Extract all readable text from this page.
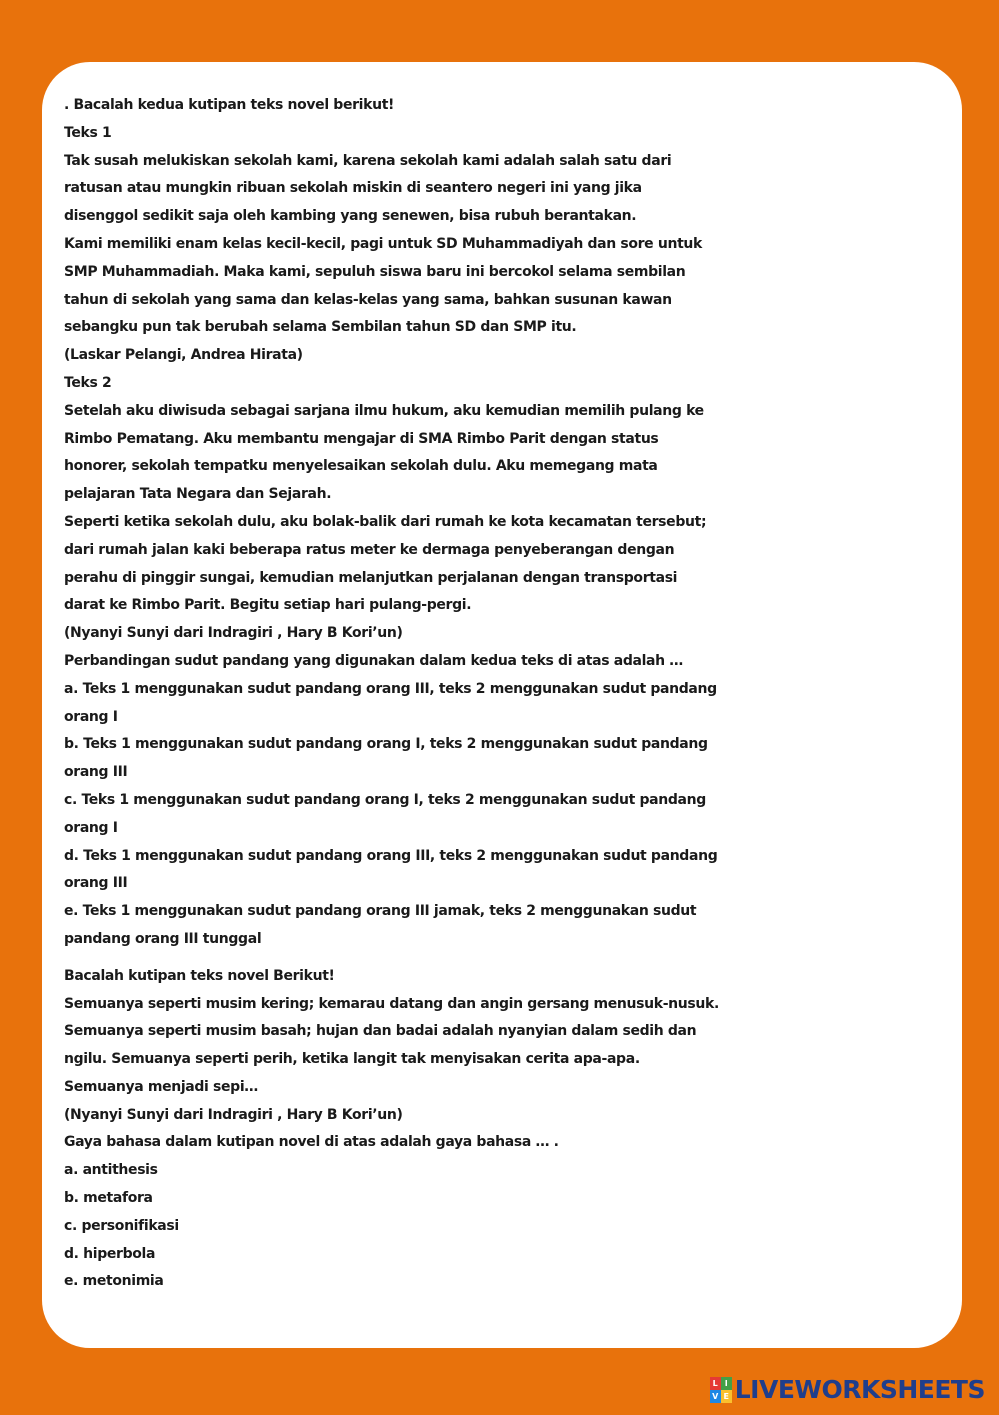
. Bacalah kedua kutipan teks novel berikut!
Teks 1
Tak susah melukiskan sekolah kami, karena sekolah kami adalah salah satu dari
ratusan atau mungkin ribuan sekolah miskin di seantero negeri ini yang jika
disenggol sedikit saja oleh kambing yang senewen, bisa rubuh berantakan.
Kami memiliki enam kelas kecil-kecil, pagi untuk SD Muhammadiyah dan sore untuk
SMP Muhammadiah. Maka kami, sepuluh siswa baru ini bercokol selama sembilan
tahun di sekolah yang sama dan kelas-kelas yang sama, bahkan susunan kawan
sebangku pun tak berubah selama Sembilan tahun SD dan SMP itu.
(Laskar Pelangi, Andrea Hirata)
Teks 2
Setelah aku diwisuda sebagai sarjana ilmu hukum, aku kemudian memilih pulang ke
Rimbo Pematang. Aku membantu mengajar di SMA Rimbo Parit dengan status
honorer, sekolah tempatku menyelesaikan sekolah dulu. Aku memegang mata
pelajaran Tata Negara dan Sejarah.
Seperti ketika sekolah dulu, aku bolak-balik dari rumah ke kota kecamatan tersebut;
dari rumah jalan kaki beberapa ratus meter ke dermaga penyeberangan dengan
perahu di pinggir sungai, kemudian melanjutkan perjalanan dengan transportasi
darat ke Rimbo Parit. Begitu setiap hari pulang-pergi.
(Nyanyi Sunyi dari Indragiri , Hary B Kori’un)
Perbandingan sudut pandang yang digunakan dalam kedua teks di atas adalah …
a. Teks 1 menggunakan sudut pandang orang III, teks 2 menggunakan sudut pandang
orang I
b. Teks 1 menggunakan sudut pandang orang I, teks 2 menggunakan sudut pandang
orang III
c. Teks 1 menggunakan sudut pandang orang I, teks 2 menggunakan sudut pandang
orang I
d. Teks 1 menggunakan sudut pandang orang III, teks 2 menggunakan sudut pandang
orang III
e. Teks 1 menggunakan sudut pandang orang III jamak, teks 2 menggunakan sudut
pandang orang III tunggal
Bacalah kutipan teks novel Berikut!
Semuanya seperti musim kering; kemarau datang dan angin gersang menusuk-nusuk.
Semuanya seperti musim basah; hujan dan badai adalah nyanyian dalam sedih dan
ngilu. Semuanya seperti perih, ketika langit tak menyisakan cerita apa-apa.
Semuanya menjadi sepi…
(Nyanyi Sunyi dari Indragiri , Hary B Kori’un)
Gaya bahasa dalam kutipan novel di atas adalah gaya bahasa … .
a. antithesis
b. metafora
c. personifikasi
d. hiperbola
e. metonimia
L I
V E LIVEWORKSHEETS
